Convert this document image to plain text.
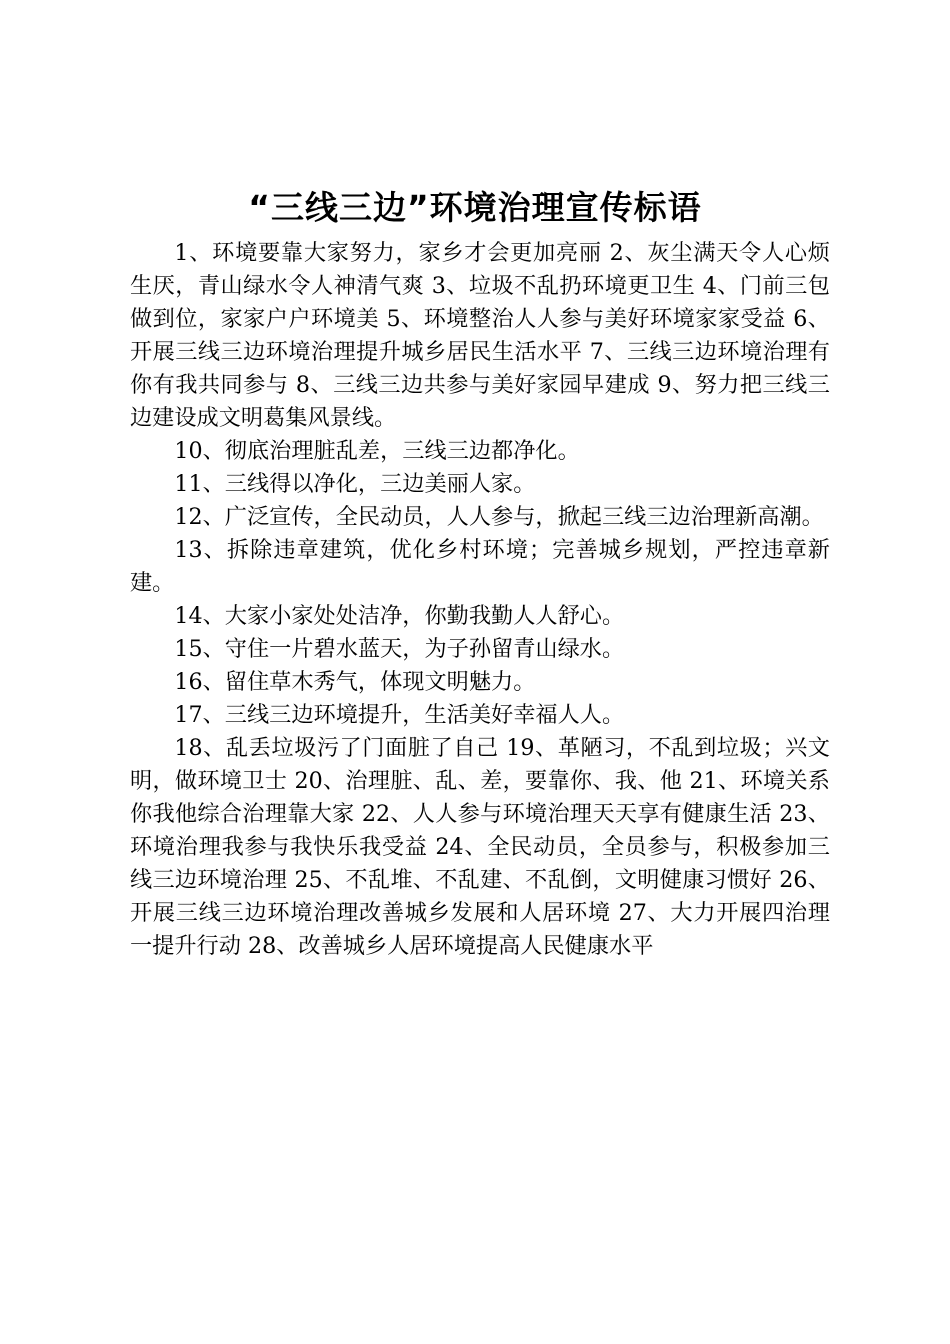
“三线三边”环境治理宣传标语

1、环境要靠大家努力，家乡才会更加亮丽 2、灰尘满天令人心烦生厌，青山绿水令人神清气爽 3、垃圾不乱扔环境更卫生 4、门前三包做到位，家家户户环境美 5、环境整治人人参与美好环境家家受益 6、开展三线三边环境治理提升城乡居民生活水平 7、三线三边环境治理有你有我共同参与 8、三线三边共参与美好家园早建成 9、努力把三线三边建设成文明葛集风景线。

10、彻底治理脏乱差，三线三边都净化。

11、三线得以净化，三边美丽人家。

12、广泛宣传，全民动员，人人参与，掀起三线三边治理新高潮。

13、拆除违章建筑，优化乡村环境；完善城乡规划，严控违章新建。

14、大家小家处处洁净，你勤我勤人人舒心。

15、守住一片碧水蓝天，为子孙留青山绿水。

16、留住草木秀气，体现文明魅力。

17、三线三边环境提升，生活美好幸福人人。

18、乱丢垃圾污了门面脏了自己 19、革陋习，不乱到垃圾；兴文明，做环境卫士 20、治理脏、乱、差，要靠你、我、他 21、环境关系你我他综合治理靠大家 22、人人参与环境治理天天享有健康生活 23、环境治理我参与我快乐我受益 24、全民动员，全员参与，积极参加三线三边环境治理 25、不乱堆、不乱建、不乱倒，文明健康习惯好 26、开展三线三边环境治理改善城乡发展和人居环境 27、大力开展四治理一提升行动 28、改善城乡人居环境提高人民健康水平
